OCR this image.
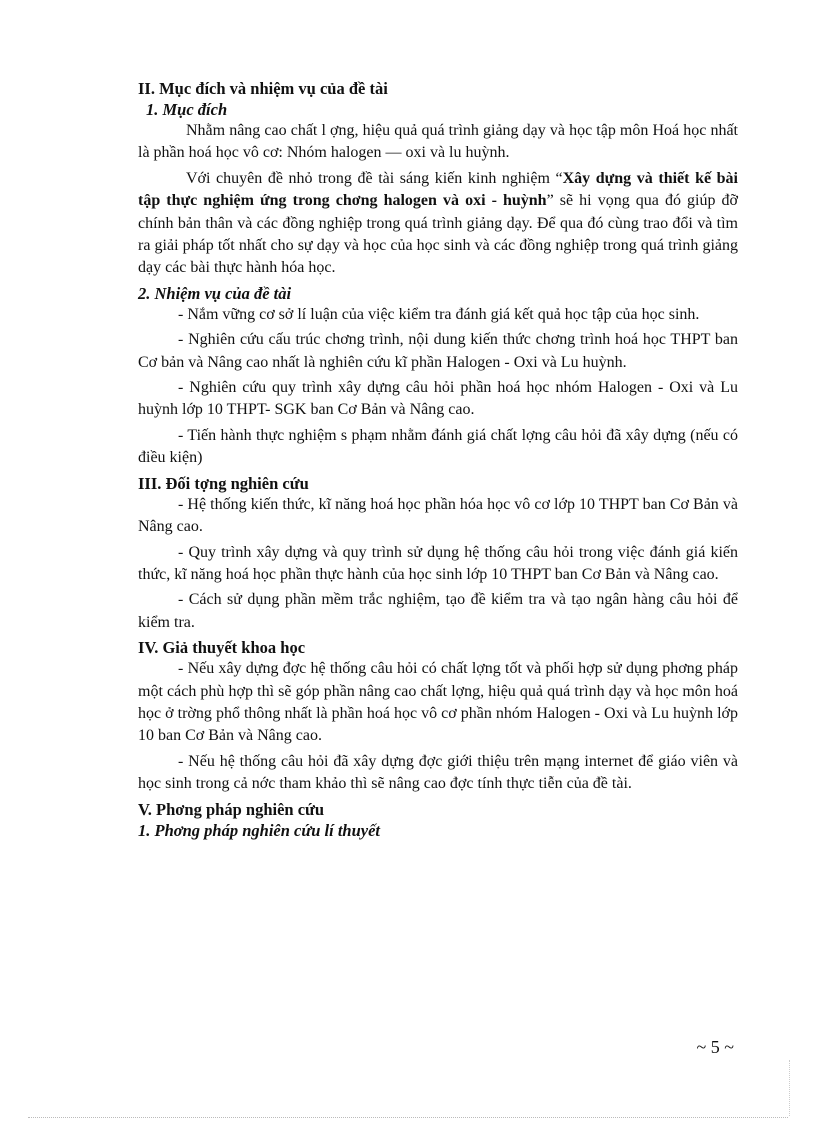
II. Mục đích và nhiệm vụ của đề tài

1. Mục đích

Nhằm nâng cao chất l ợng, hiệu quả quá trình giảng dạy và học tập môn Hoá học nhất là phần hoá học vô cơ: Nhóm halogen — oxi và lu huỳnh.

Với chuyên đề nhỏ trong đề tài sáng kiến kinh nghiệm “Xây dựng và thiết kế bài tập thực nghiệm ứng trong chơng halogen và oxi - huỳnh” sẽ hi vọng qua đó giúp đỡ chính bản thân và các đồng nghiệp trong quá trình giảng dạy. Để qua đó cùng trao đổi và tìm ra giải pháp tốt nhất cho sự dạy và học của học sinh và các đồng nghiệp trong quá trình giảng dạy các bài thực hành hóa học.

2. Nhiệm vụ của đề tài

- Nắm vững cơ sở lí luận của việc kiểm tra đánh giá kết quả học tập của học sinh.

- Nghiên cứu cấu trúc chơng trình, nội dung kiến thức chơng trình hoá học THPT ban Cơ bản và Nâng cao nhất là nghiên cứu kĩ phần Halogen - Oxi và Lu huỳnh.

- Nghiên cứu quy trình xây dựng câu hỏi phần hoá học nhóm Halogen - Oxi và Lu huỳnh lớp 10 THPT- SGK ban Cơ Bản và Nâng cao.

- Tiến hành thực nghiệm s phạm nhằm đánh giá chất lợng câu hỏi đã xây dựng (nếu có điều kiện)

III. Đối tợng nghiên cứu

- Hệ thống kiến thức, kĩ năng hoá học phần hóa học vô cơ lớp 10 THPT ban Cơ Bản và Nâng cao.

- Quy trình xây dựng và quy trình sử dụng hệ thống câu hỏi trong việc đánh giá kiến thức, kĩ năng hoá học phần thực hành của học sinh lớp 10 THPT ban Cơ Bản và Nâng cao.

- Cách sử dụng phần mềm trắc nghiệm, tạo đề kiểm tra và tạo ngân hàng câu hỏi để kiểm tra.

IV. Giả thuyết khoa học

- Nếu xây dựng đợc hệ thống câu hỏi có chất lợng tốt và phối hợp sử dụng phơng pháp một cách phù hợp thì sẽ góp phần nâng cao chất lợng, hiệu quả quá trình dạy và học môn hoá học ở trờng phổ thông nhất là phần hoá học vô cơ phần nhóm Halogen - Oxi và Lu huỳnh lớp 10 ban Cơ Bản và Nâng cao.

- Nếu hệ thống câu hỏi đã xây dựng đợc giới thiệu trên mạng internet để giáo viên và học sinh trong cả nớc tham khảo thì sẽ nâng cao đợc tính thực tiễn của đề tài.

V. Phơng pháp nghiên cứu

1. Phơng pháp nghiên cứu lí thuyết

~ 5 ~
